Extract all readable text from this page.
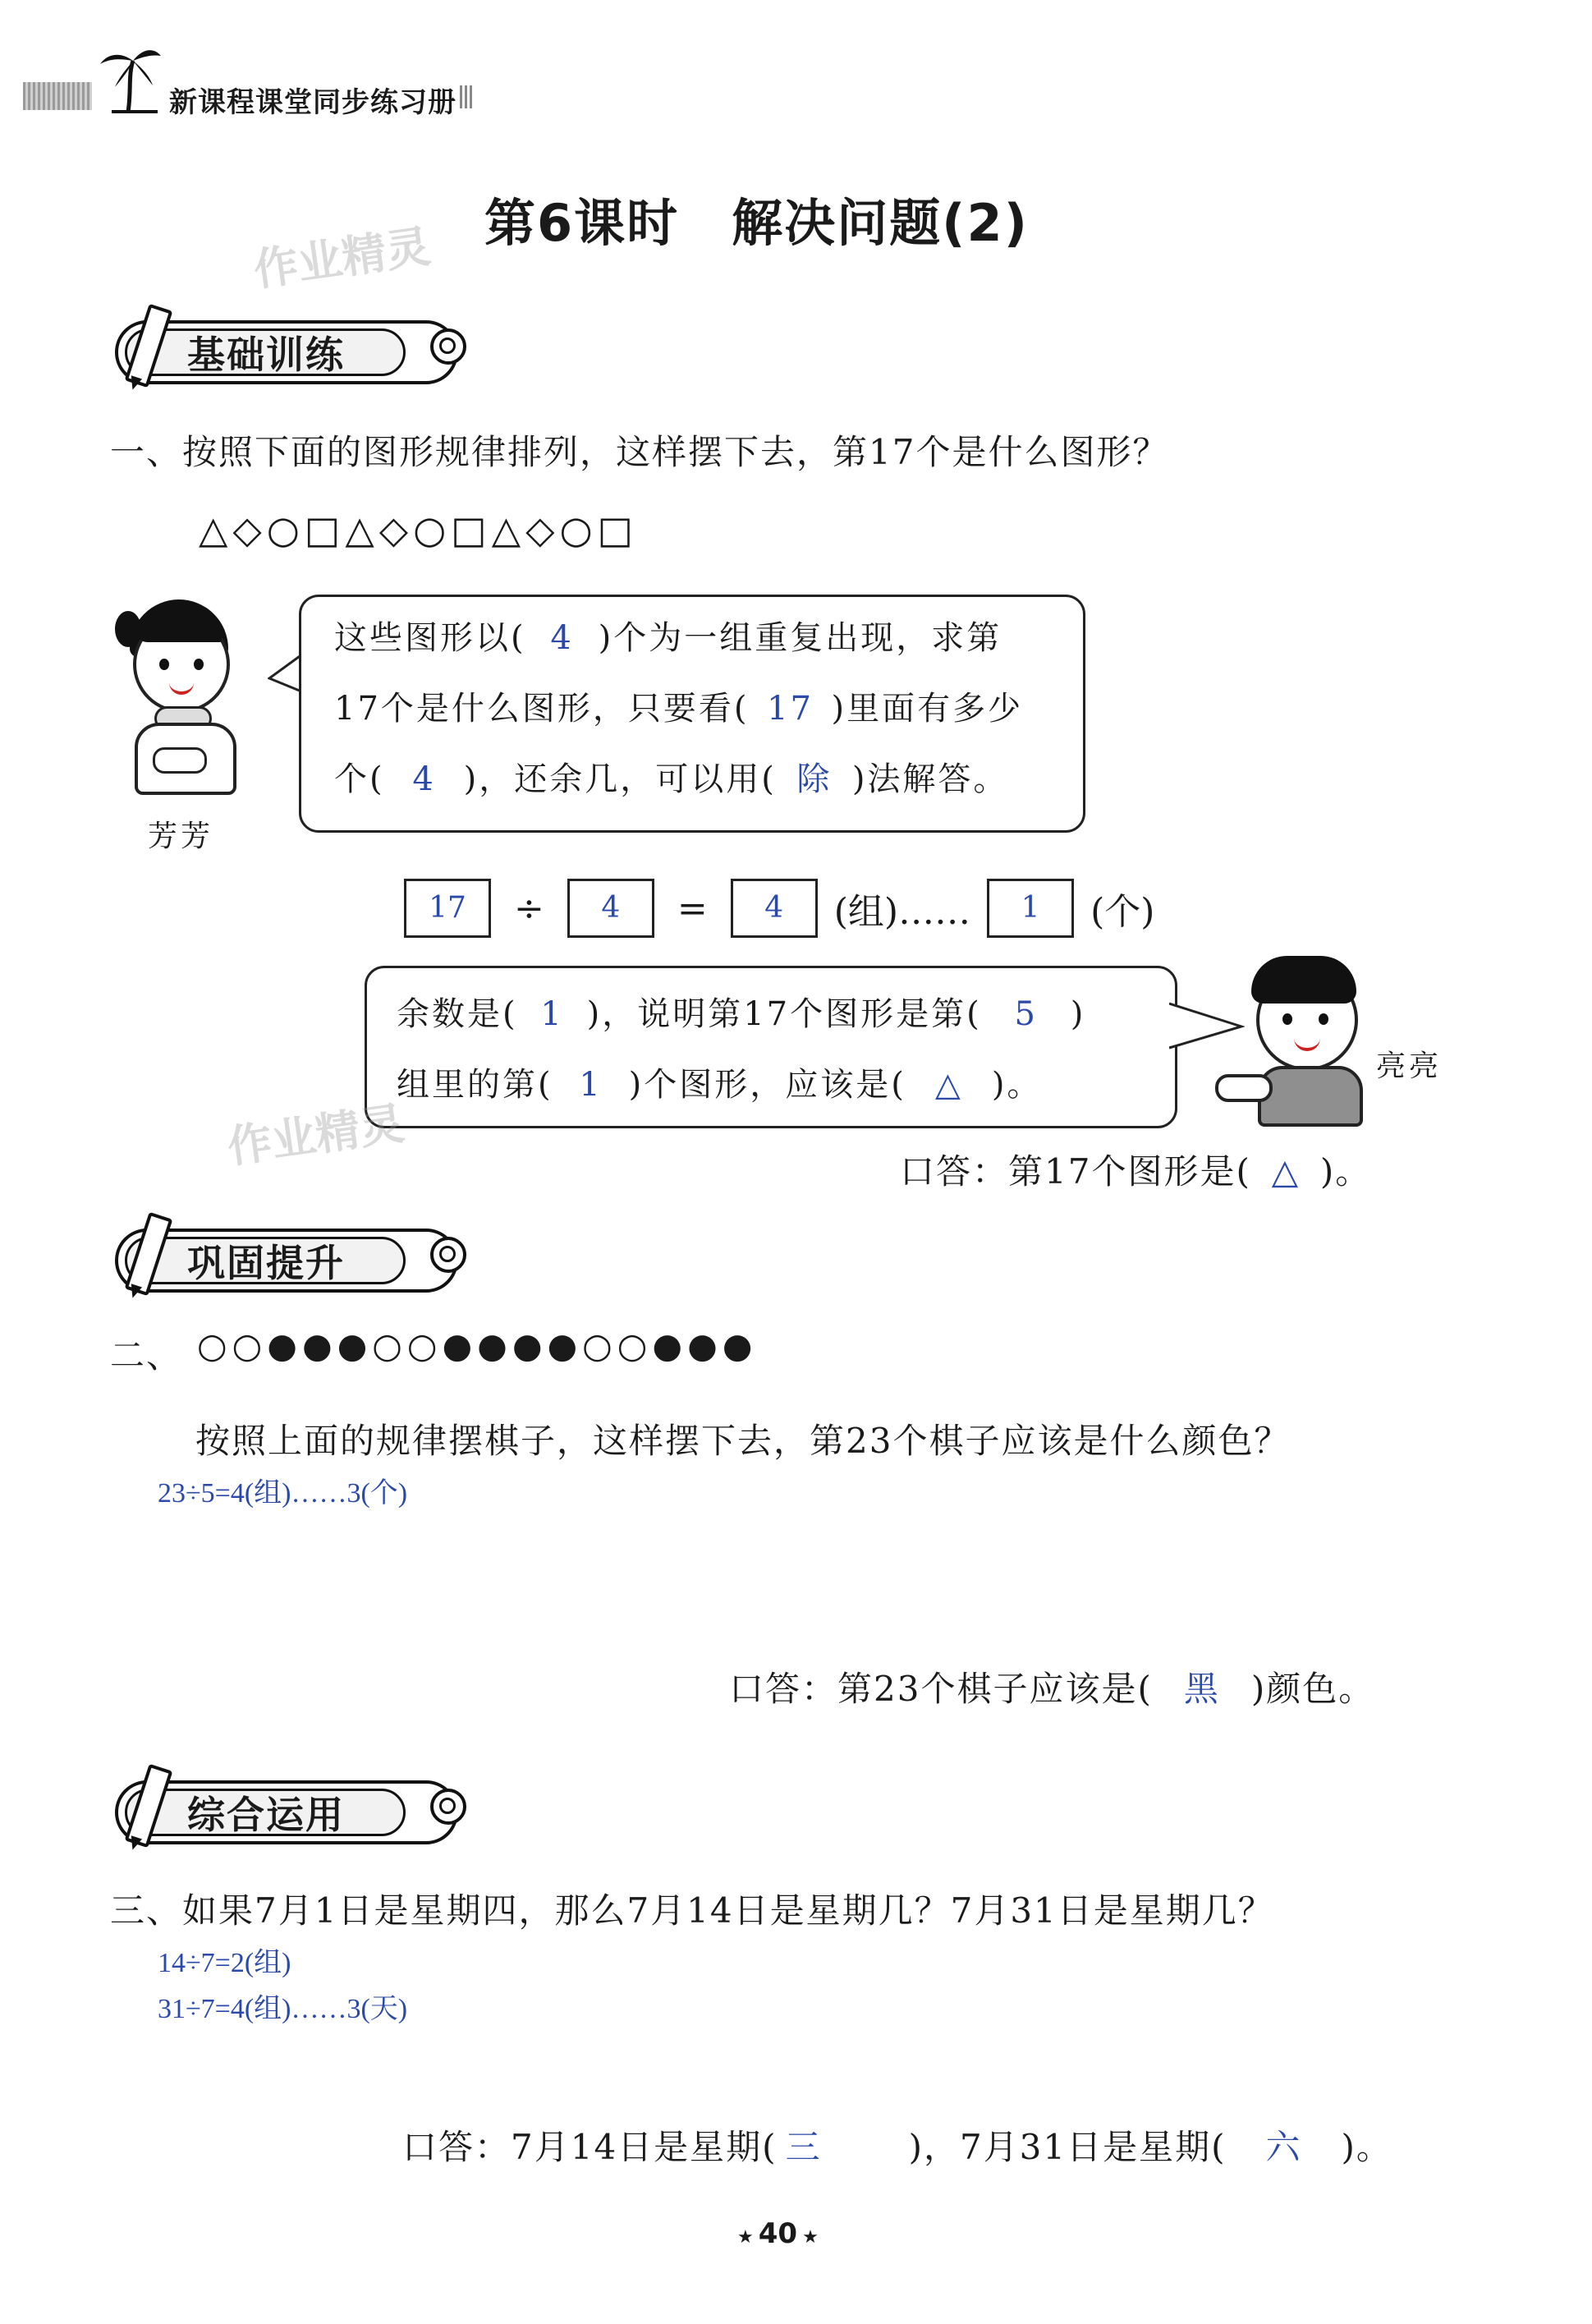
新课程课堂同步练习册
第6课时　解决问题(2)
作业精灵
基础训练
一、按照下面的图形规律排列，这样摆下去，第17个是什么图形？
△◇○□△◇○□△◇○□
芳芳
这些图形以( 4 )个为一组重复出现，求第
17个是什么图形，只要看( 17 )里面有多少
个( 4 )，还余几，可以用( 除 )法解答。
17 ÷ 4 = 4 (组)…… 1 (个)
余数是( 1 )，说明第17个图形是第( 5 )
组里的第( 1 )个图形，应该是( △ )。
作业精灵
亮亮
口答：第17个图形是( △ )。
巩固提升
二、 ○○●●●○○●●●●○○●●●
按照上面的规律摆棋子，这样摆下去，第23个棋子应该是什么颜色？
23÷5=4(组)……3(个)
口答：第23个棋子应该是( 黑 )颜色。
综合运用
三、如果7月1日是星期四，那么7月14日是星期几？7月31日是星期几？
14÷7=2(组)
31÷7=4(组)……3(天)
口答：7月14日是星期( 三	)，7月31日是星期( 六 )。
★ 40 ★
